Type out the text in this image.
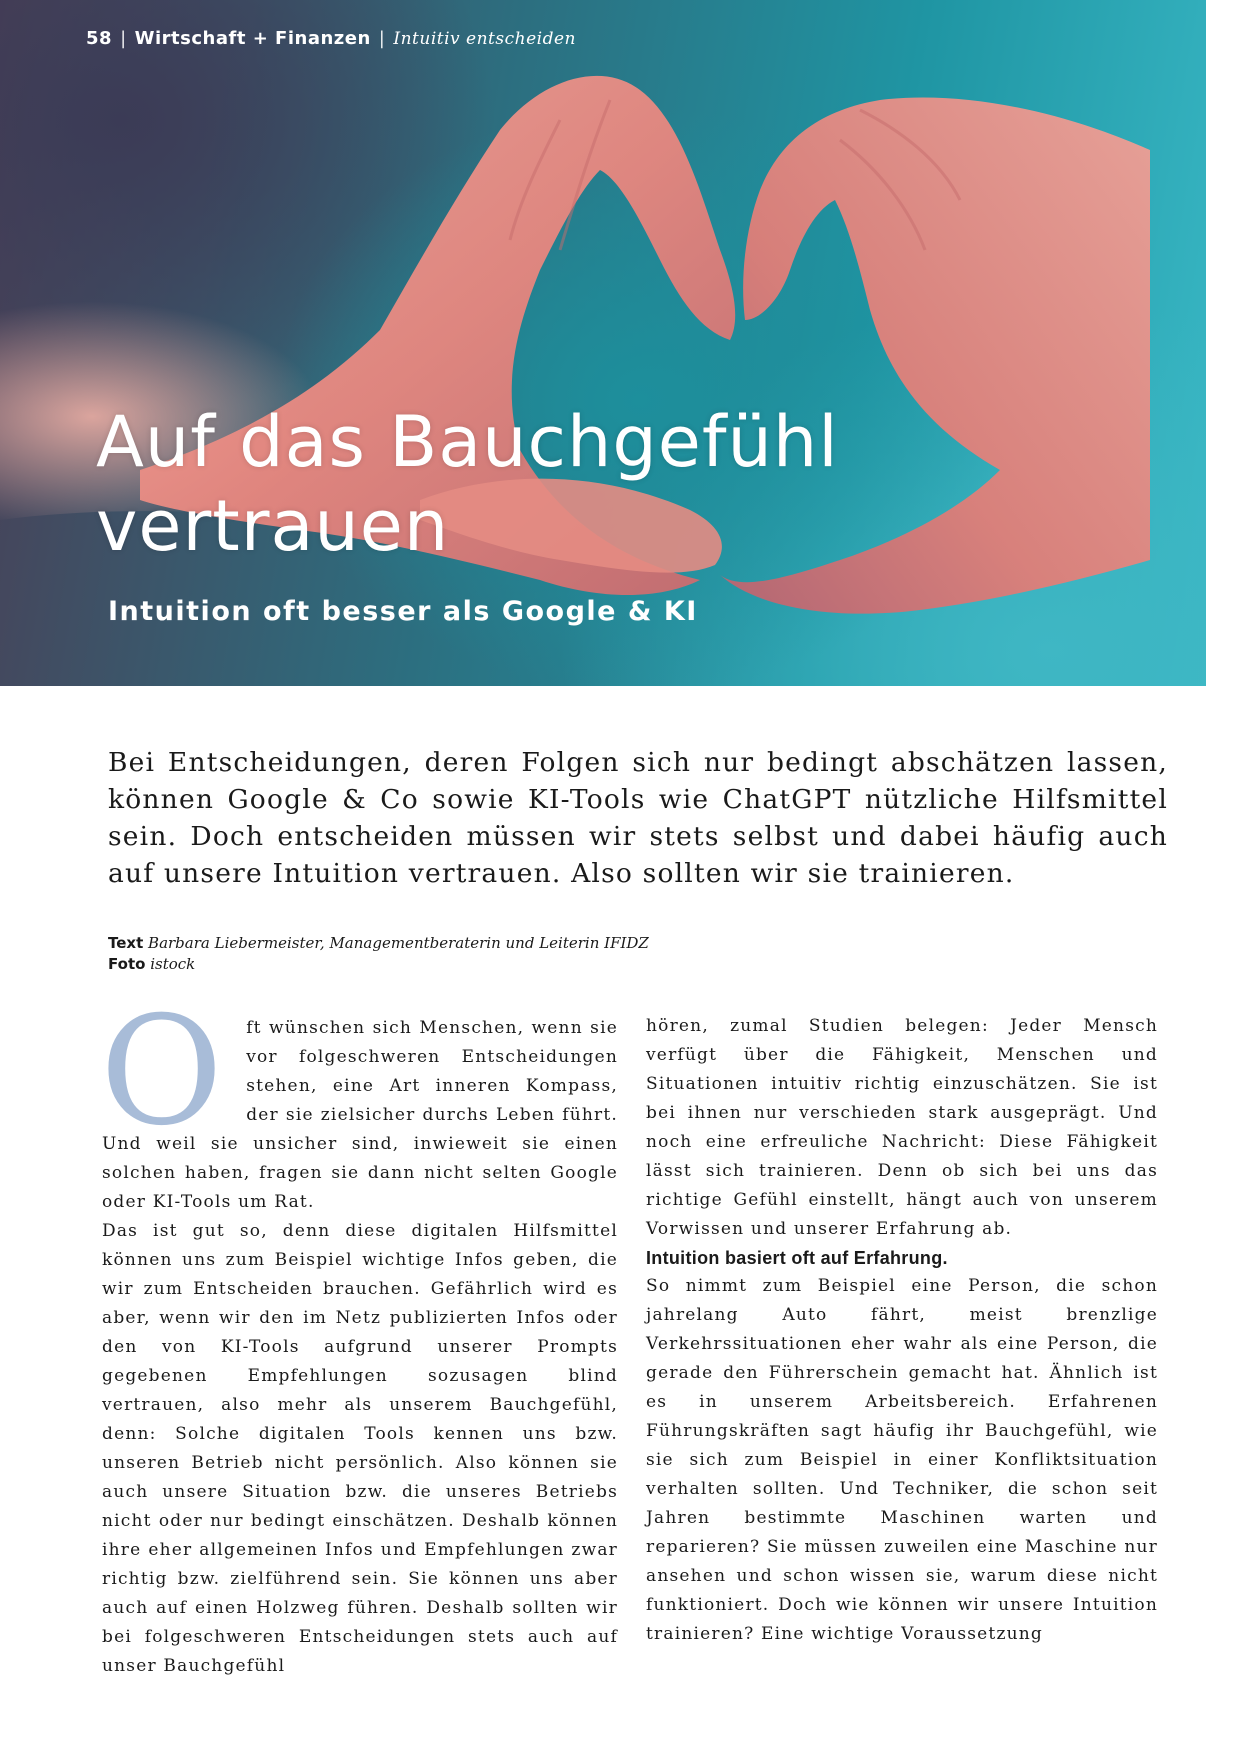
58 | Wirtschaft + Finanzen | Intuitiv entscheiden
Auf das Bauchgefühl vertrauen
Intuition oft besser als Google & KI

Bei Entscheidungen, deren Folgen sich nur bedingt abschätzen lassen, können Google & Co sowie KI-Tools wie ChatGPT nützliche Hilfsmittel sein. Doch entscheiden müssen wir stets selbst und dabei häufig auch auf unsere Intuition vertrauen. Also sollten wir sie trainieren.

Text Barbara Liebermeister, Managementberaterin und Leiterin IFIDZ
Foto istock

O ft wünschen sich Menschen, wenn sie vor folgeschweren Entscheidungen stehen, eine Art inneren Kompass, der sie zielsicher durchs Leben führt. Und weil sie unsicher sind, inwieweit sie einen solchen haben, fragen sie dann nicht selten Google oder KI-Tools um Rat.

Das ist gut so, denn diese digitalen Hilfsmittel können uns zum Beispiel wichtige Infos geben, die wir zum Entscheiden brauchen. Gefährlich wird es aber, wenn wir den im Netz publizierten Infos oder den von KI-Tools aufgrund unserer Prompts gegebenen Empfehlungen sozusagen blind vertrauen, also mehr als unserem Bauchgefühl, denn: Solche digitalen Tools kennen uns bzw. unseren Betrieb nicht persönlich. Also können sie auch unsere Situation bzw. die unseres Betriebs nicht oder nur bedingt einschätzen. Deshalb können ihre eher allgemeinen Infos und Empfehlungen zwar richtig bzw. zielführend sein. Sie können uns aber auch auf einen Holzweg führen. Deshalb sollten wir bei folgeschweren Entscheidungen stets auch auf unser Bauchgefühl

hören, zumal Studien belegen: Jeder Mensch verfügt über die Fähigkeit, Menschen und Situationen intuitiv richtig einzuschätzen. Sie ist bei ihnen nur verschieden stark ausgeprägt. Und noch eine erfreuliche Nachricht: Diese Fähigkeit lässt sich trainieren. Denn ob sich bei uns das richtige Gefühl einstellt, hängt auch von unserem Vorwissen und unserer Erfahrung ab.

Intuition basiert oft auf Erfahrung.

So nimmt zum Beispiel eine Person, die schon jahrelang Auto fährt, meist brenzlige Verkehrssituationen eher wahr als eine Person, die gerade den Führerschein gemacht hat. Ähnlich ist es in unserem Arbeitsbereich. Erfahrenen Führungskräften sagt häufig ihr Bauchgefühl, wie sie sich zum Beispiel in einer Konfliktsituation verhalten sollten. Und Techniker, die schon seit Jahren bestimmte Maschinen warten und reparieren? Sie müssen zuweilen eine Maschine nur ansehen und schon wissen sie, warum diese nicht funktioniert. Doch wie können wir unsere Intuition trainieren? Eine wichtige Voraussetzung
